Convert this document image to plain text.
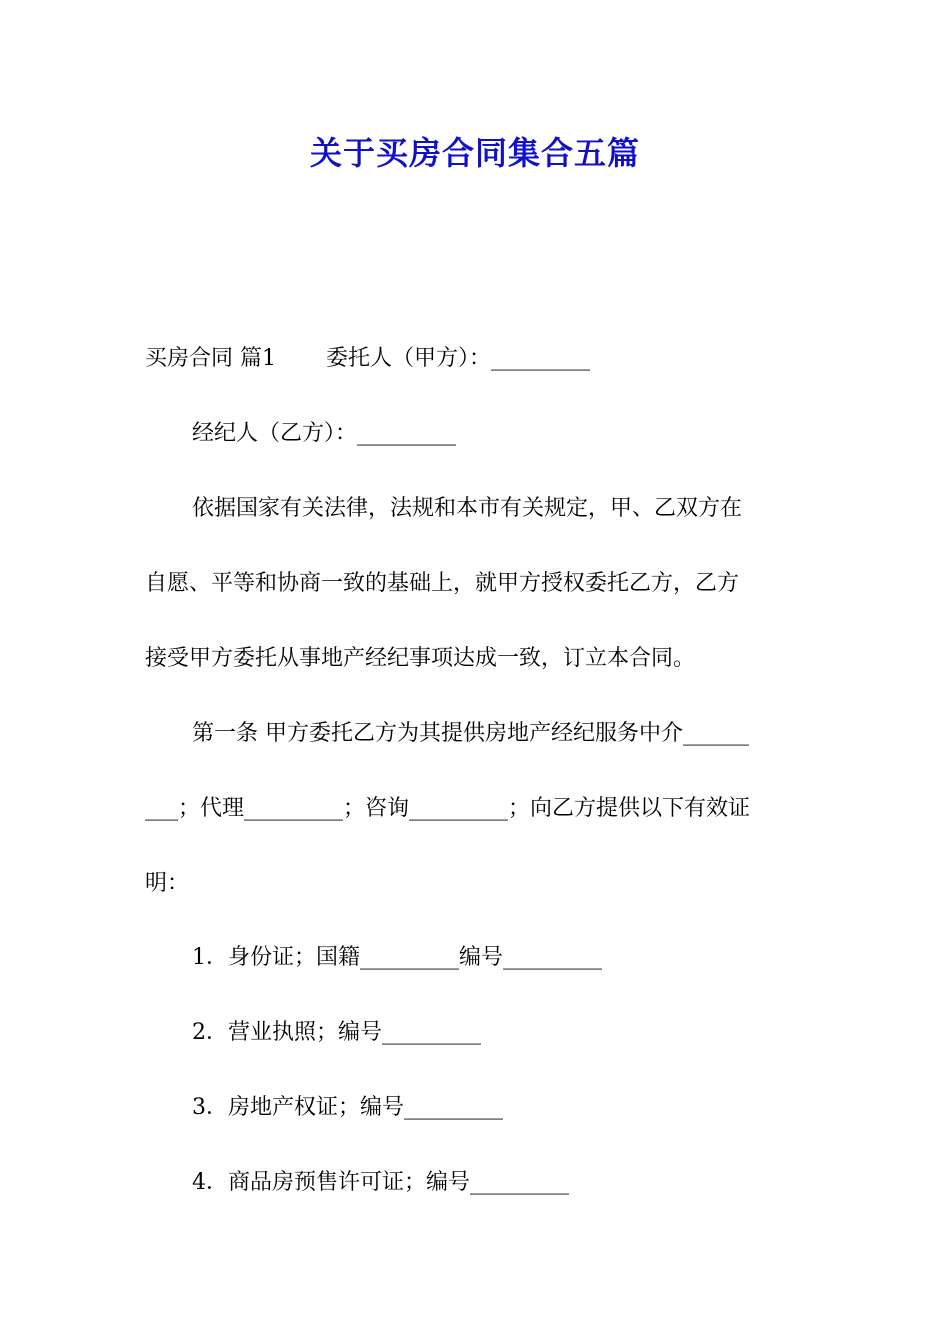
关于买房合同集合五篇
买房合同 篇1 委托人（甲方）：_________
经纪人（乙方）：_________
依据国家有关法律，法规和本市有关规定，甲、乙双方在
自愿、平等和协商一致的基础上，就甲方授权委托乙方，乙方
接受甲方委托从事地产经纪事项达成一致，订立本合同。
第一条 甲方委托乙方为其提供房地产经纪服务中介______
___；代理_________；咨询_________；向乙方提供以下有效证
明：
1．身份证；国籍_________编号_________
2．营业执照；编号_________
3．房地产权证；编号_________
4．商品房预售许可证；编号_________
